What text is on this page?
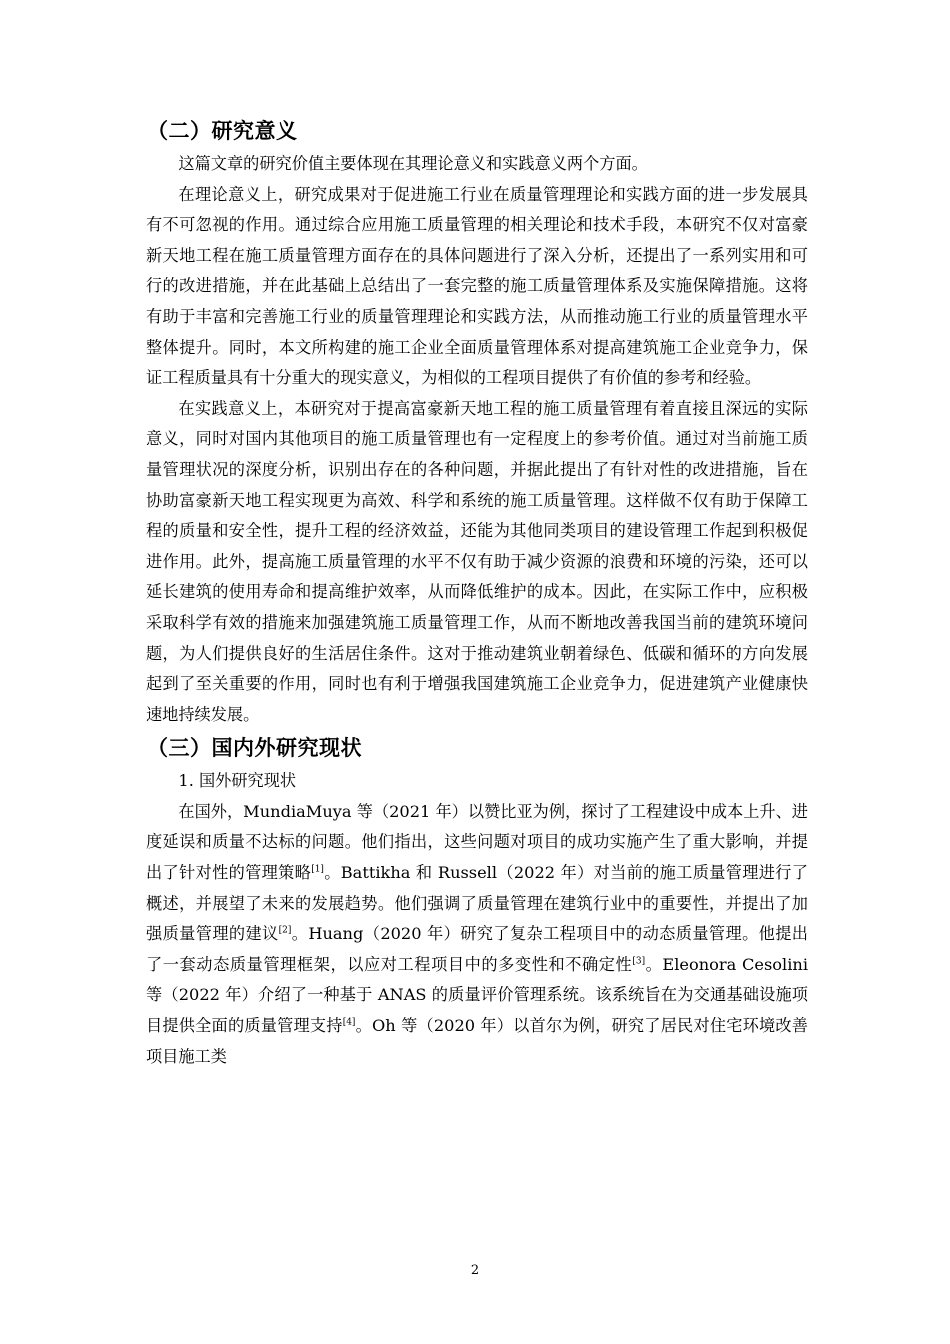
（二）研究意义

这篇文章的研究价值主要体现在其理论意义和实践意义两个方面。

在理论意义上，研究成果对于促进施工行业在质量管理理论和实践方面的进一步发展具有不可忽视的作用。通过综合应用施工质量管理的相关理论和技术手段，本研究不仅对富豪新天地工程在施工质量管理方面存在的具体问题进行了深入分析，还提出了一系列实用和可行的改进措施，并在此基础上总结出了一套完整的施工质量管理体系及实施保障措施。这将有助于丰富和完善施工行业的质量管理理论和实践方法，从而推动施工行业的质量管理水平整体提升。同时，本文所构建的施工企业全面质量管理体系对提高建筑施工企业竞争力，保证工程质量具有十分重大的现实意义，为相似的工程项目提供了有价值的参考和经验。

在实践意义上，本研究对于提高富豪新天地工程的施工质量管理有着直接且深远的实际意义，同时对国内其他项目的施工质量管理也有一定程度上的参考价值。通过对当前施工质量管理状况的深度分析，识别出存在的各种问题，并据此提出了有针对性的改进措施，旨在协助富豪新天地工程实现更为高效、科学和系统的施工质量管理。这样做不仅有助于保障工程的质量和安全性，提升工程的经济效益，还能为其他同类项目的建设管理工作起到积极促进作用。此外，提高施工质量管理的水平不仅有助于减少资源的浪费和环境的污染，还可以延长建筑的使用寿命和提高维护效率，从而降低维护的成本。因此，在实际工作中，应积极采取科学有效的措施来加强建筑施工质量管理工作，从而不断地改善我国当前的建筑环境问题，为人们提供良好的生活居住条件。这对于推动建筑业朝着绿色、低碳和循环的方向发展起到了至关重要的作用，同时也有利于增强我国建筑施工企业竞争力，促进建筑产业健康快速地持续发展。

（三）国内外研究现状

1. 国外研究现状

在国外，MundiaMuya 等（2021 年）以赞比亚为例，探讨了工程建设中成本上升、进度延误和质量不达标的问题。他们指出，这些问题对项目的成功实施产生了重大影响，并提出了针对性的管理策略[1]。Battikha 和 Russell（2022 年）对当前的施工质量管理进行了概述，并展望了未来的发展趋势。他们强调了质量管理在建筑行业中的重要性，并提出了加强质量管理的建议[2]。Huang（2020 年）研究了复杂工程项目中的动态质量管理。他提出了一套动态质量管理框架，以应对工程项目中的多变性和不确定性[3]。Eleonora Cesolini 等（2022 年）介绍了一种基于 ANAS 的质量评价管理系统。该系统旨在为交通基础设施项目提供全面的质量管理支持[4]。Oh 等（2020 年）以首尔为例，研究了居民对住宅环境改善项目施工类

2
